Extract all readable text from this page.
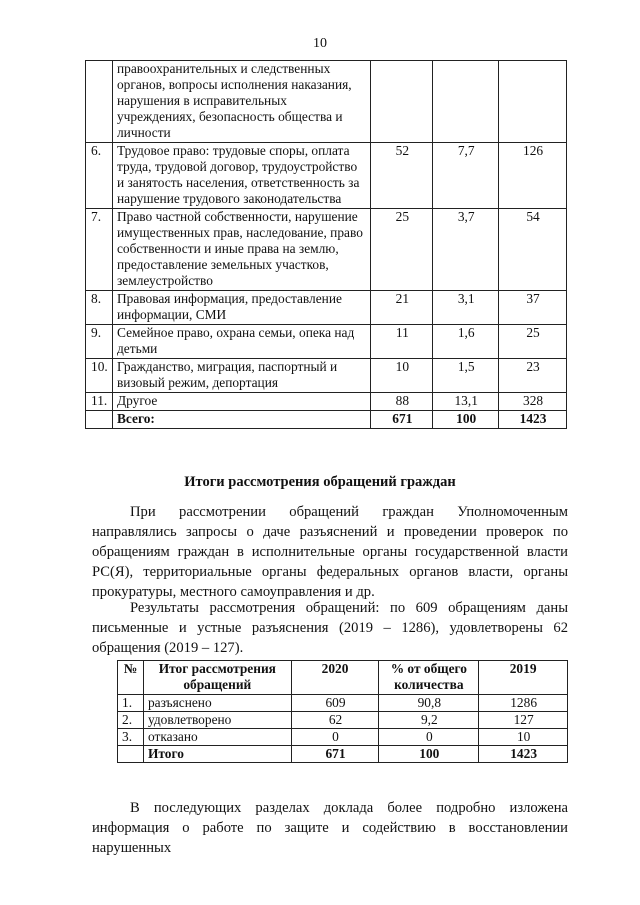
10
	правоохранительных и следственных органов, вопросы исполнения наказания, нарушения в исправительных учреждениях, безопасность общества и личности			
6.	Трудовое право: трудовые споры, оплата труда, трудовой договор, трудоустройство и занятость населения, ответственность за нарушение трудового законодательства	52	7,7	126
7.	Право частной собственности, нарушение имущественных прав, наследование, право собственности и иные права на землю, предоставление земельных участков, землеустройство	25	3,7	54
8.	Правовая информация, предоставление информации, СМИ	21	3,1	37
9.	Семейное право, охрана семьи, опека над детьми	11	1,6	25
10.	Гражданство, миграция, паспортный и визовый режим, депортация	10	1,5	23
11.	Другое	88	13,1	328
	Всего:	671	100	1423
Итоги рассмотрения обращений граждан

При рассмотрении обращений граждан Уполномоченным направлялись запросы о даче разъяснений и проведении проверок по обращениям граждан в исполнительные органы государственной власти РС(Я), территориальные органы федеральных органов власти, органы прокуратуры, местного самоуправления и др.

Результаты рассмотрения обращений: по 609 обращениям даны письменные и устные разъяснения (2019 – 1286), удовлетворены 62 обращения (2019 – 127).

№	Итог рассмотрения обращений	2020	% от общего количества	2019
1.	разъяснено	609	90,8	1286
2.	удовлетворено	62	9,2	127
3.	отказано	0	0	10
	Итого	671	100	1423

В последующих разделах доклада более подробно изложена информация о работе по защите и содействию в восстановлении нарушенных
